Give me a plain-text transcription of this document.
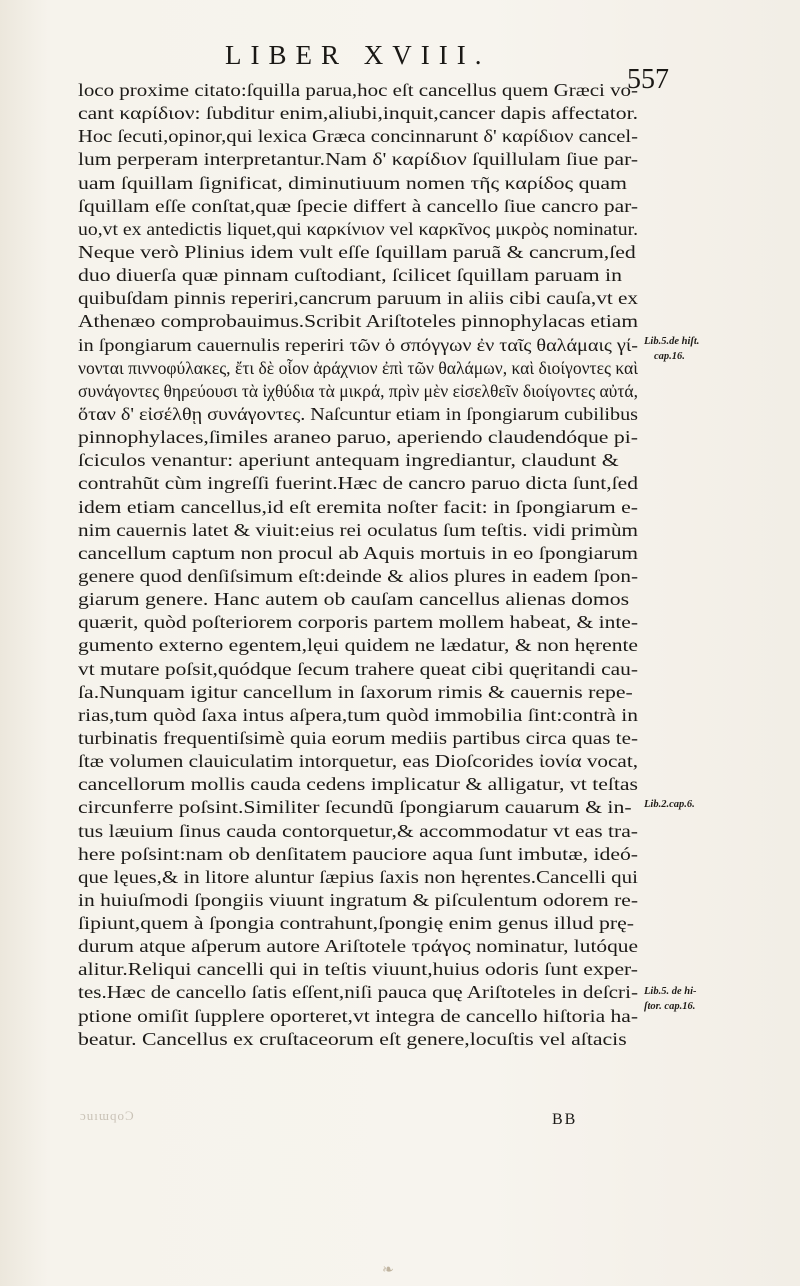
LIBER XVIII.
557
loco proxime citato:ſquilla parua,hoc eſt cancellus quem Græci vo-
cant καρίδιον: ſubditur enim,aliubi,inquit,cancer dapis affectator.
Hoc ſecuti,opinor,qui lexica Græca concinnarunt δ' καρίδιον cancel-
lum perperam interpretantur.Nam δ' καρίδιον ſquillulam ſiue par-
uam ſquillam ſignificat, diminutiuum nomen τῆς καρίδος quam
ſquillam eſſe conſtat,quæ ſpecie differt à cancello ſiue cancro par-
uo,vt ex antedictis liquet,qui καρκίνιον vel καρκῖνος μικρὸς nominatur.
Neque verò Plinius idem vult eſſe ſquillam paruã & cancrum,ſed
duo diuerſa quæ pinnam cuſtodiant, ſcilicet ſquillam paruam in
quibuſdam pinnis reperiri,cancrum paruum in aliis cibi cauſa,vt ex
Athenæo comprobauimus.Scribit Ariſtoteles pinnophylacas etiam
in ſpongiarum cauernulis reperiri τῶν ὁ σπόγγων ἐν ταῖς θαλάμαις γί-
νονται πιννοφύλακες, ἔτι δὲ οἷον ἀράχνιον ἐπὶ τῶν θαλάμων, καὶ διοίγοντες καὶ
συνάγοντες θηρεύουσι τὰ ἰχθύδια τὰ μικρά, πρὶν μὲν εἰσελθεῖν διοίγοντες αὐτά,
ὅταν δ' εἰσέλθῃ συνάγοντες. Naſcuntur etiam in ſpongiarum cubilibus
pinnophylaces,ſimiles araneo paruo, aperiendo claudendóque pi-
ſciculos venantur: aperiunt antequam ingrediantur, claudunt &
contrahũt cùm ingreſſi fuerint.Hæc de cancro paruo dicta ſunt,ſed
idem etiam cancellus,id eſt eremita noſter facit: in ſpongiarum e-
nim cauernis latet & viuit:eius rei oculatus ſum teſtis. vidi primùm
cancellum captum non procul ab Aquis mortuis in eo ſpongiarum
genere quod denſiſsimum eſt:deinde & alios plures in eadem ſpon-
giarum genere. Hanc autem ob cauſam cancellus alienas domos
quærit, quòd poſteriorem corporis partem mollem habeat, & inte-
gumento externo egentem,lęui quidem ne lædatur, & non hęrente
vt mutare poſsit,quódque ſecum trahere queat cibi quęritandi cau-
ſa.Nunquam igitur cancellum in ſaxorum rimis & cauernis repe-
rias,tum quòd ſaxa intus aſpera,tum quòd immobilia ſint:contrà in
turbinatis frequentiſsimè quia eorum mediis partibus circa quas te-
ſtæ volumen clauiculatim intorquetur, eas Dioſcorides ἰονία vocat,
cancellorum mollis cauda cedens implicatur & alligatur, vt teſtas
circunferre poſsint.Similiter ſecundũ ſpongiarum cauarum & in-
tus læuium ſinus cauda contorquetur,& accommodatur vt eas tra-
here poſsint:nam ob denſitatem pauciore aqua ſunt imbutæ, ideó-
que lęues,& in litore aluntur ſæpius ſaxis non hęrentes.Cancelli qui
in huiuſmodi ſpongiis viuunt ingratum & piſculentum odorem re-
ſipiunt,quem à ſpongia contrahunt,ſpongię enim genus illud prę-
durum atque aſperum autore Ariſtotele τράγος nominatur, lutóque
alitur.Reliqui cancelli qui in teſtis viuunt,huius odoris ſunt exper-
tes.Hæc de cancello ſatis eſſent,niſi pauca quę Ariſtoteles in deſcri-
ptione omiſit ſupplere oporteret,vt integra de cancello hiſtoria ha-
beatur. Cancellus ex cruſtaceorum eſt genere,locuſtis vel aſtacis
Lib.5.de hiſt.
cap.16.
Lib.2.cap.6.
Lib.5. de hi-
ſtor. cap.16.
ɔuıɯqoƆ	BB
❧
